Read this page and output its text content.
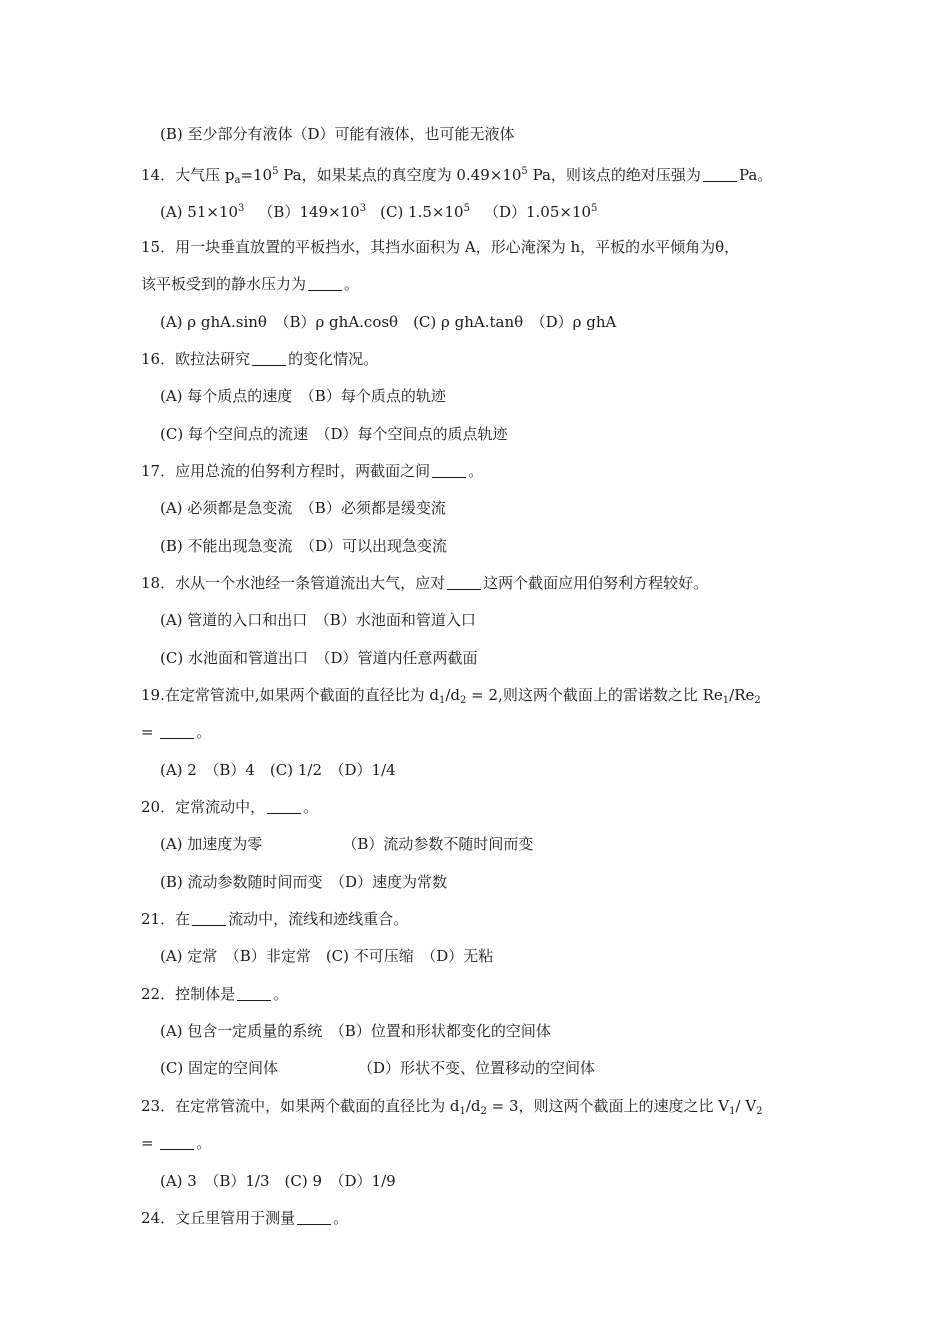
(B) 至少部分有液体（D）可能有液体，也可能无液体
14．大气压 $p_a=10^5$ Pa，如果某点的真空度为 $0.49\times 10^5$ Pa，则该点的绝对压强为	Pa。
(A) $51\times 10^3$ $(B)149\times 10^3$ (C) $1.5\times 10^5$ $(D)1.05\times 10^5$
15．用一块垂直放置的平板挡水，其挡水面积为 A，形心淹深为 h，平板的水平倾角为θ，
该平板受到的静水压力为	。
(A) ρ ghA.sinθ　（B）ρ ghA.cosθ　(C) ρ ghA.tanθ　（D）ρ ghA
16．欧拉法研究	的变化情况。
(A) 每个质点的速度　（B）每个质点的轨迹
(C) 每个空间点的流速　（D）每个空间点的质点轨迹
17．应用总流的伯努利方程时，两截面之间	。
(A) 必须都是急变流　（B）必须都是缓变流
(B) 不能出现急变流　（D）可以出现急变流
18．水从一个水池经一条管道流出大气，应对	这两个截面应用伯努利方程较好。
(A) 管道的入口和出口　（B）水池面和管道入口
(C) 水池面和管道出口　（D）管道内任意两截面
19.在定常管流中,如果两个截面的直径比为 $d_1/d_2 = 2$,则这两个截面上的雷诺数之比 $Re_1/Re_2$
=	。
(A) 2　（B）4　(C) 1/2　（D）1/4
20．定常流动中，	。
(A) 加速度为零	（B）流动参数不随时间而变
(B) 流动参数随时间而变　（D）速度为常数
21．在	流动中，流线和迹线重合。
(A) 定常　（B）非定常　(C) 不可压缩　（D）无粘
22．控制体是	。
(A) 包含一定质量的系统　（B）位置和形状都变化的空间体
(C) 固定的空间体	（D）形状不变、位置移动的空间体
23．在定常管流中，如果两个截面的直径比为 $d_1/d_2 = 3$，则这两个截面上的速度之比 $V_1/$ $V_2$
=	。
(A) 3　（B）1/3　(C) 9　（D）1/9
24．文丘里管用于测量	。
